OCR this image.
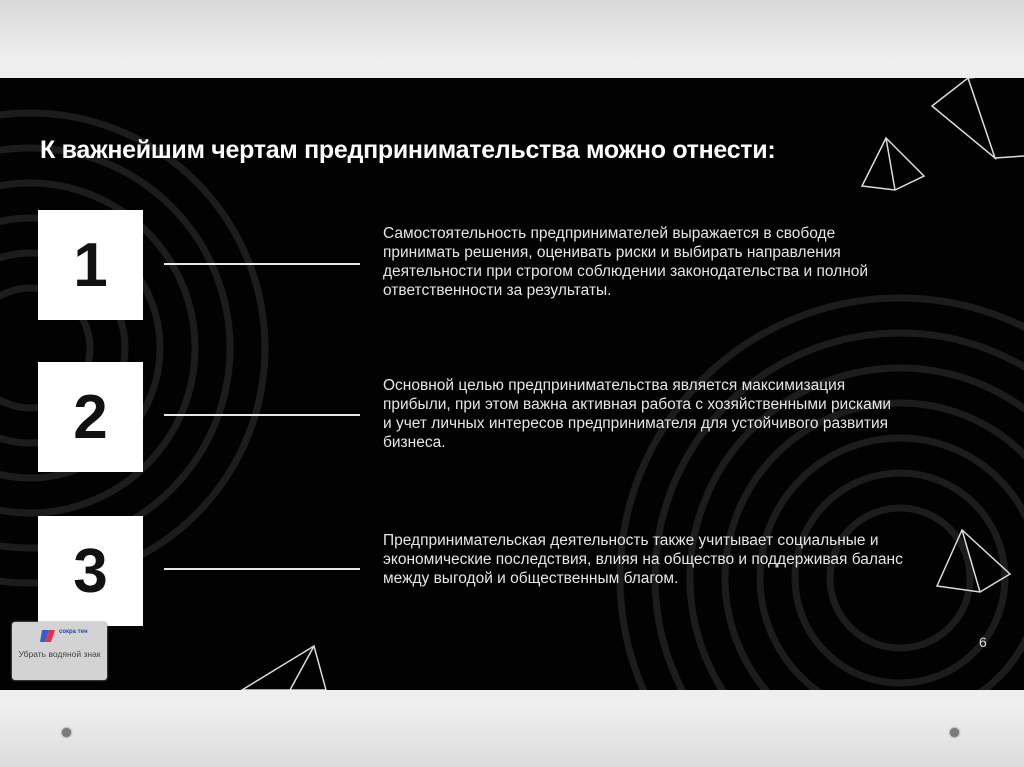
К важнейшим чертам предпринимательства можно отнести:
1	Самостоятельность предпринимателей выражается в свободе принимать решения, оценивать риски и выбирать направления деятельности при строгом соблюдении законодательства и полной ответственности за результаты.

2	Основной целью предпринимательства является максимизация прибыли, при этом важна активная работа с хозяйственными рисками и учет личных интересов предпринимателя для устойчивого развития бизнеса.

3	Предпринимательская деятельность также учитывает социальные и экономические последствия, влияя на общество и поддерживая баланс между выгодой и общественным благом.

6
сокра тен
Убрать водяной знак
